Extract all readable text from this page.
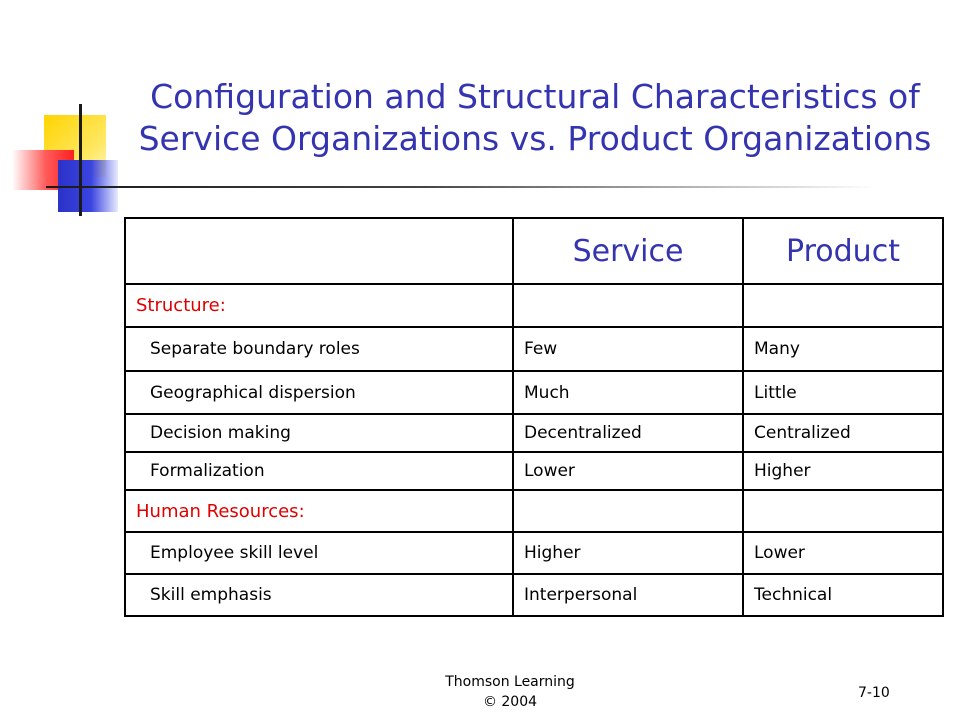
Configuration and Structural Characteristics of
Service Organizations vs. Product Organizations
	Service	Product
Structure:		
Separate boundary roles	Few	Many
Geographical dispersion	Much	Little
Decision making	Decentralized	Centralized
Formalization	Lower	Higher
Human Resources:		
Employee skill level	Higher	Lower
Skill emphasis	Interpersonal	Technical
Thomson Learning
© 2004
7-10
